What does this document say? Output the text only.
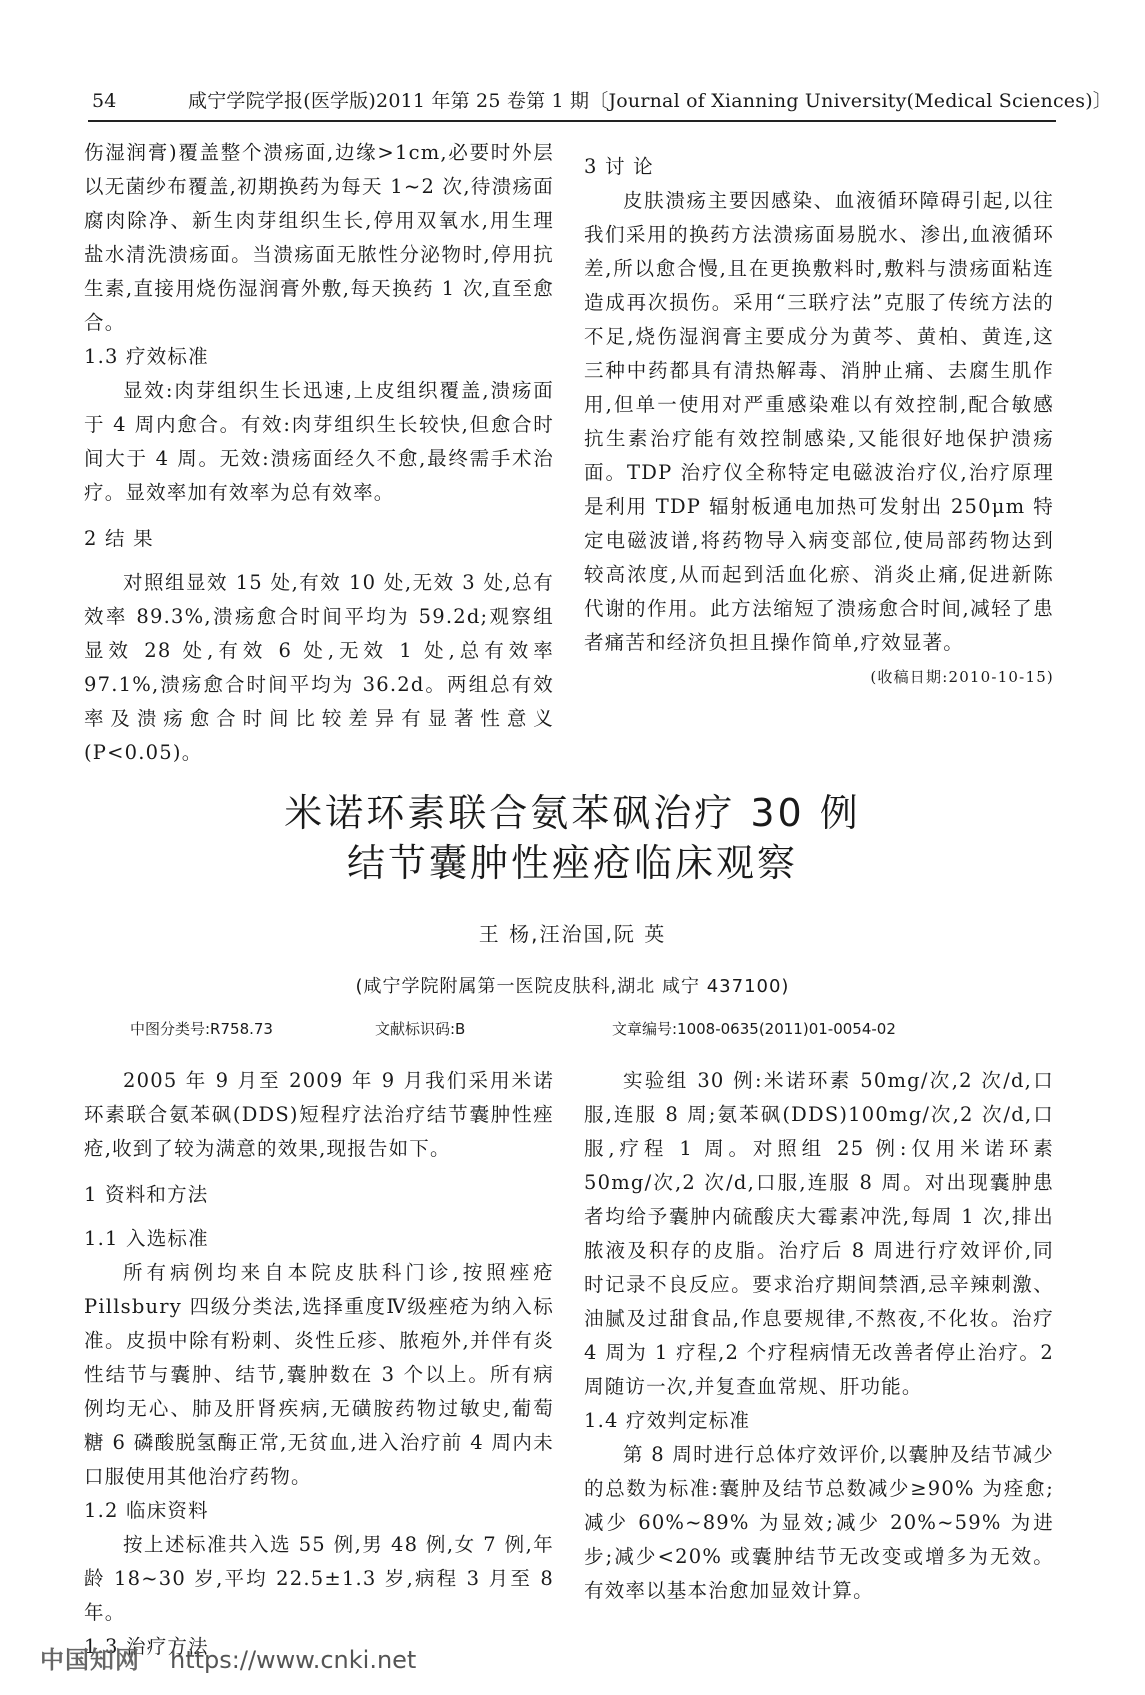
54	咸宁学院学报(医学版)2011 年第 25 卷第 1 期〔Journal of Xianning University(Medical Sciences)〕

伤湿润膏)覆盖整个溃疡面,边缘>1cm,必要时外层以无菌纱布覆盖,初期换药为每天 1~2 次,待溃疡面腐肉除净、新生肉芽组织生长,停用双氧水,用生理盐水清洗溃疡面。当溃疡面无脓性分泌物时,停用抗生素,直接用烧伤湿润膏外敷,每天换药 1 次,直至愈合。

1.3 疗效标准

显效:肉芽组织生长迅速,上皮组织覆盖,溃疡面于 4 周内愈合。有效:肉芽组织生长较快,但愈合时间大于 4 周。无效:溃疡面经久不愈,最终需手术治疗。显效率加有效率为总有效率。

2 结 果

对照组显效 15 处,有效 10 处,无效 3 处,总有效率 89.3%,溃疡愈合时间平均为 59.2d;观察组显效 28 处,有效 6 处,无效 1 处,总有效率 97.1%,溃疡愈合时间平均为 36.2d。两组总有效率及溃疡愈合时间比较差异有显著性意义(P<0.05)。

3 讨 论

皮肤溃疡主要因感染、血液循环障碍引起,以往我们采用的换药方法溃疡面易脱水、渗出,血液循环差,所以愈合慢,且在更换敷料时,敷料与溃疡面粘连造成再次损伤。采用“三联疗法”克服了传统方法的不足,烧伤湿润膏主要成分为黄芩、黄柏、黄连,这三种中药都具有清热解毒、消肿止痛、去腐生肌作用,但单一使用对严重感染难以有效控制,配合敏感抗生素治疗能有效控制感染,又能很好地保护溃疡面。TDP 治疗仪全称特定电磁波治疗仪,治疗原理是利用 TDP 辐射板通电加热可发射出 250μm 特定电磁波谱,将药物导入病变部位,使局部药物达到较高浓度,从而起到活血化瘀、消炎止痛,促进新陈代谢的作用。此方法缩短了溃疡愈合时间,减轻了患者痛苦和经济负担且操作简单,疗效显著。

(收稿日期:2010-10-15)

米诺环素联合氨苯砜治疗 30 例
结节囊肿性痤疮临床观察
王 杨,汪治国,阮 英
(咸宁学院附属第一医院皮肤科,湖北 咸宁 437100)
中图分类号:R758.73	文献标识码:B	文章编号:1008-0635(2011)01-0054-02

2005 年 9 月至 2009 年 9 月我们采用米诺环素联合氨苯砜(DDS)短程疗法治疗结节囊肿性痤疮,收到了较为满意的效果,现报告如下。

1 资料和方法

1.1 入选标准

所有病例均来自本院皮肤科门诊,按照痤疮 Pillsbury 四级分类法,选择重度Ⅳ级痤疮为纳入标准。皮损中除有粉刺、炎性丘疹、脓疱外,并伴有炎性结节与囊肿、结节,囊肿数在 3 个以上。所有病例均无心、肺及肝肾疾病,无磺胺药物过敏史,葡萄糖 6 磷酸脱氢酶正常,无贫血,进入治疗前 4 周内未口服使用其他治疗药物。

1.2 临床资料

按上述标准共入选 55 例,男 48 例,女 7 例,年龄 18~30 岁,平均 22.5±1.3 岁,病程 3 月至 8 年。

1.3 治疗方法

实验组 30 例:米诺环素 50mg/次,2 次/d,口服,连服 8 周;氨苯砜(DDS)100mg/次,2 次/d,口服,疗程 1 周。对照组 25 例:仅用米诺环素 50mg/次,2 次/d,口服,连服 8 周。对出现囊肿患者均给予囊肿内硫酸庆大霉素冲洗,每周 1 次,排出脓液及积存的皮脂。治疗后 8 周进行疗效评价,同时记录不良反应。要求治疗期间禁酒,忌辛辣刺激、油腻及过甜食品,作息要规律,不熬夜,不化妆。治疗 4 周为 1 疗程,2 个疗程病情无改善者停止治疗。2 周随访一次,并复查血常规、肝功能。

1.4 疗效判定标准

第 8 周时进行总体疗效评价,以囊肿及结节减少的总数为标准:囊肿及结节总数减少≥90% 为痊愈;减少 60%~89% 为显效;减少 20%~59% 为进步;减少<20% 或囊肿结节无改变或增多为无效。有效率以基本治愈加显效计算。

中国知网 https://www.cnki.net
